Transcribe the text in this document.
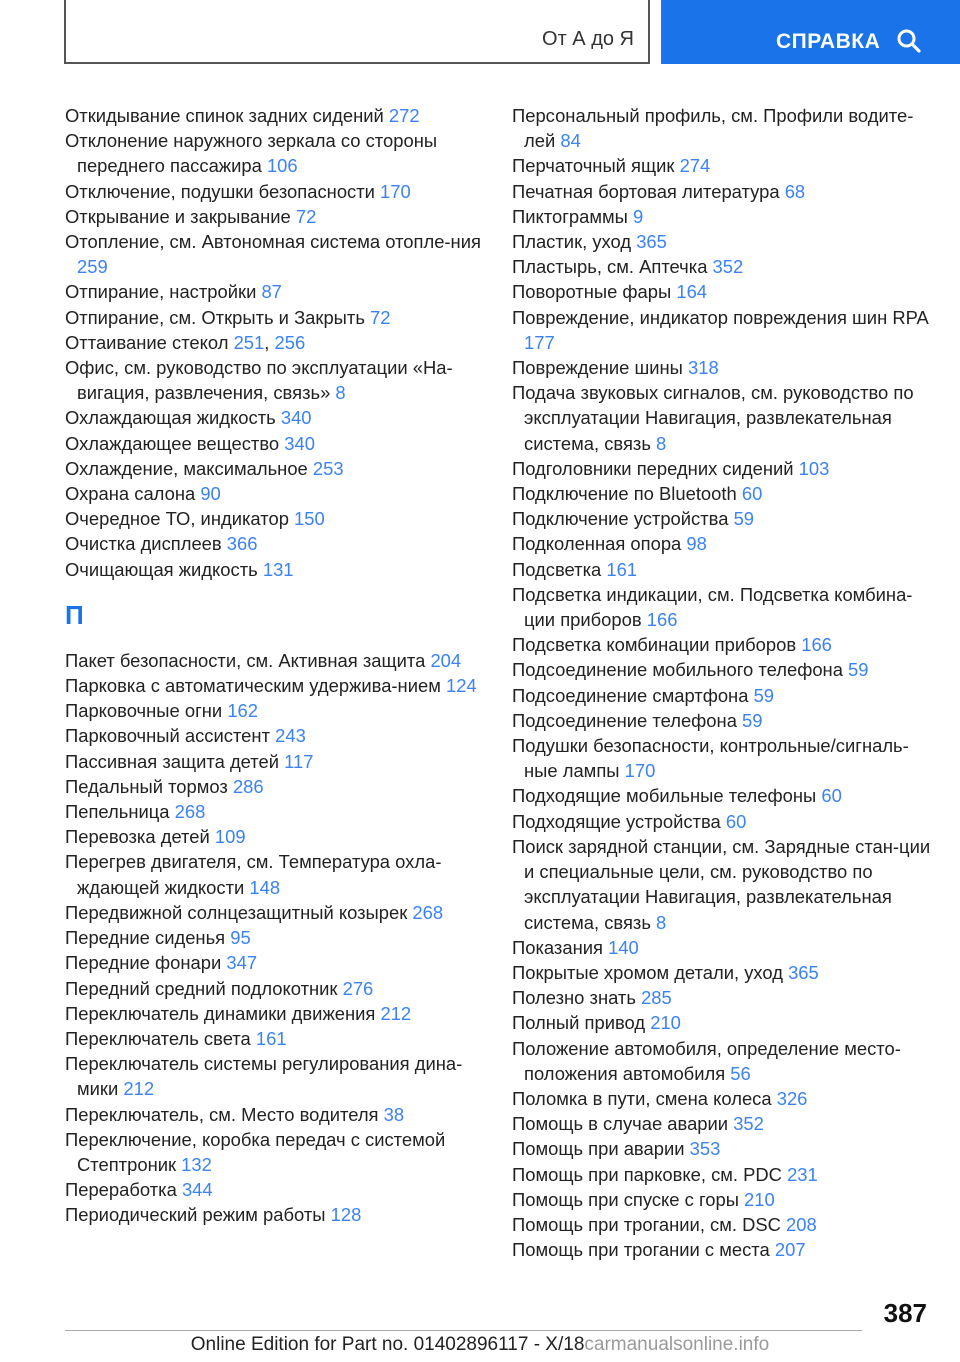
От А до Я	СПРАВКА
Откидывание спинок задних сидений 272
Отклонение наружного зеркала со стороны переднего пассажира 106
Отключение, подушки безопасности 170
Открывание и закрывание 72
Отопление, см. Автономная система отопле-ния 259
Отпирание, настройки 87
Отпирание, см. Открыть и Закрыть 72
Оттаивание стекол 251, 256
Офис, см. руководство по эксплуатации «На-вигация, развлечения, связь» 8
Охлаждающая жидкость 340
Охлаждающее вещество 340
Охлаждение, максимальное 253
Охрана салона 90
Очередное ТО, индикатор 150
Очистка дисплеев 366
Очищающая жидкость 131
П
Пакет безопасности, см. Активная защита 204
Парковка с автоматическим удержива-нием 124
Парковочные огни 162
Парковочный ассистент 243
Пассивная защита детей 117
Педальный тормоз 286
Пепельница 268
Перевозка детей 109
Перегрев двигателя, см. Температура охла-ждающей жидкости 148
Передвижной солнцезащитный козырек 268
Передние сиденья 95
Передние фонари 347
Передний средний подлокотник 276
Переключатель динамики движения 212
Переключатель света 161
Переключатель системы регулирования дина-мики 212
Переключатель, см. Место водителя 38
Переключение, коробка передач с системой Стептроник 132
Переработка 344
Периодический режим работы 128
Персональный профиль, см. Профили водите-лей 84
Перчаточный ящик 274
Печатная бортовая литература 68
Пиктограммы 9
Пластик, уход 365
Пластырь, см. Аптечка 352
Поворотные фары 164
Повреждение, индикатор повреждения шин RPA 177
Повреждение шины 318
Подача звуковых сигналов, см. руководство по эксплуатации Навигация, развлекательная система, связь 8
Подголовники передних сидений 103
Подключение по Bluetooth 60
Подключение устройства 59
Подколенная опора 98
Подсветка 161
Подсветка индикации, см. Подсветка комбина-ции приборов 166
Подсветка комбинации приборов 166
Подсоединение мобильного телефона 59
Подсоединение смартфона 59
Подсоединение телефона 59
Подушки безопасности, контрольные/сигналь-ные лампы 170
Подходящие мобильные телефоны 60
Подходящие устройства 60
Поиск зарядной станции, см. Зарядные стан-ции и специальные цели, см. руководство по эксплуатации Навигация, развлекательная система, связь 8
Показания 140
Покрытые хромом детали, уход 365
Полезно знать 285
Полный привод 210
Положение автомобиля, определение место-положения автомобиля 56
Поломка в пути, смена колеса 326
Помощь в случае аварии 352
Помощь при аварии 353
Помощь при парковке, см. PDC 231
Помощь при спуске с горы 210
Помощь при трогании, см. DSC 208
Помощь при трогании с места 207
387
Online Edition for Part no. 01402896117 - X/18carmanualsonline.info
